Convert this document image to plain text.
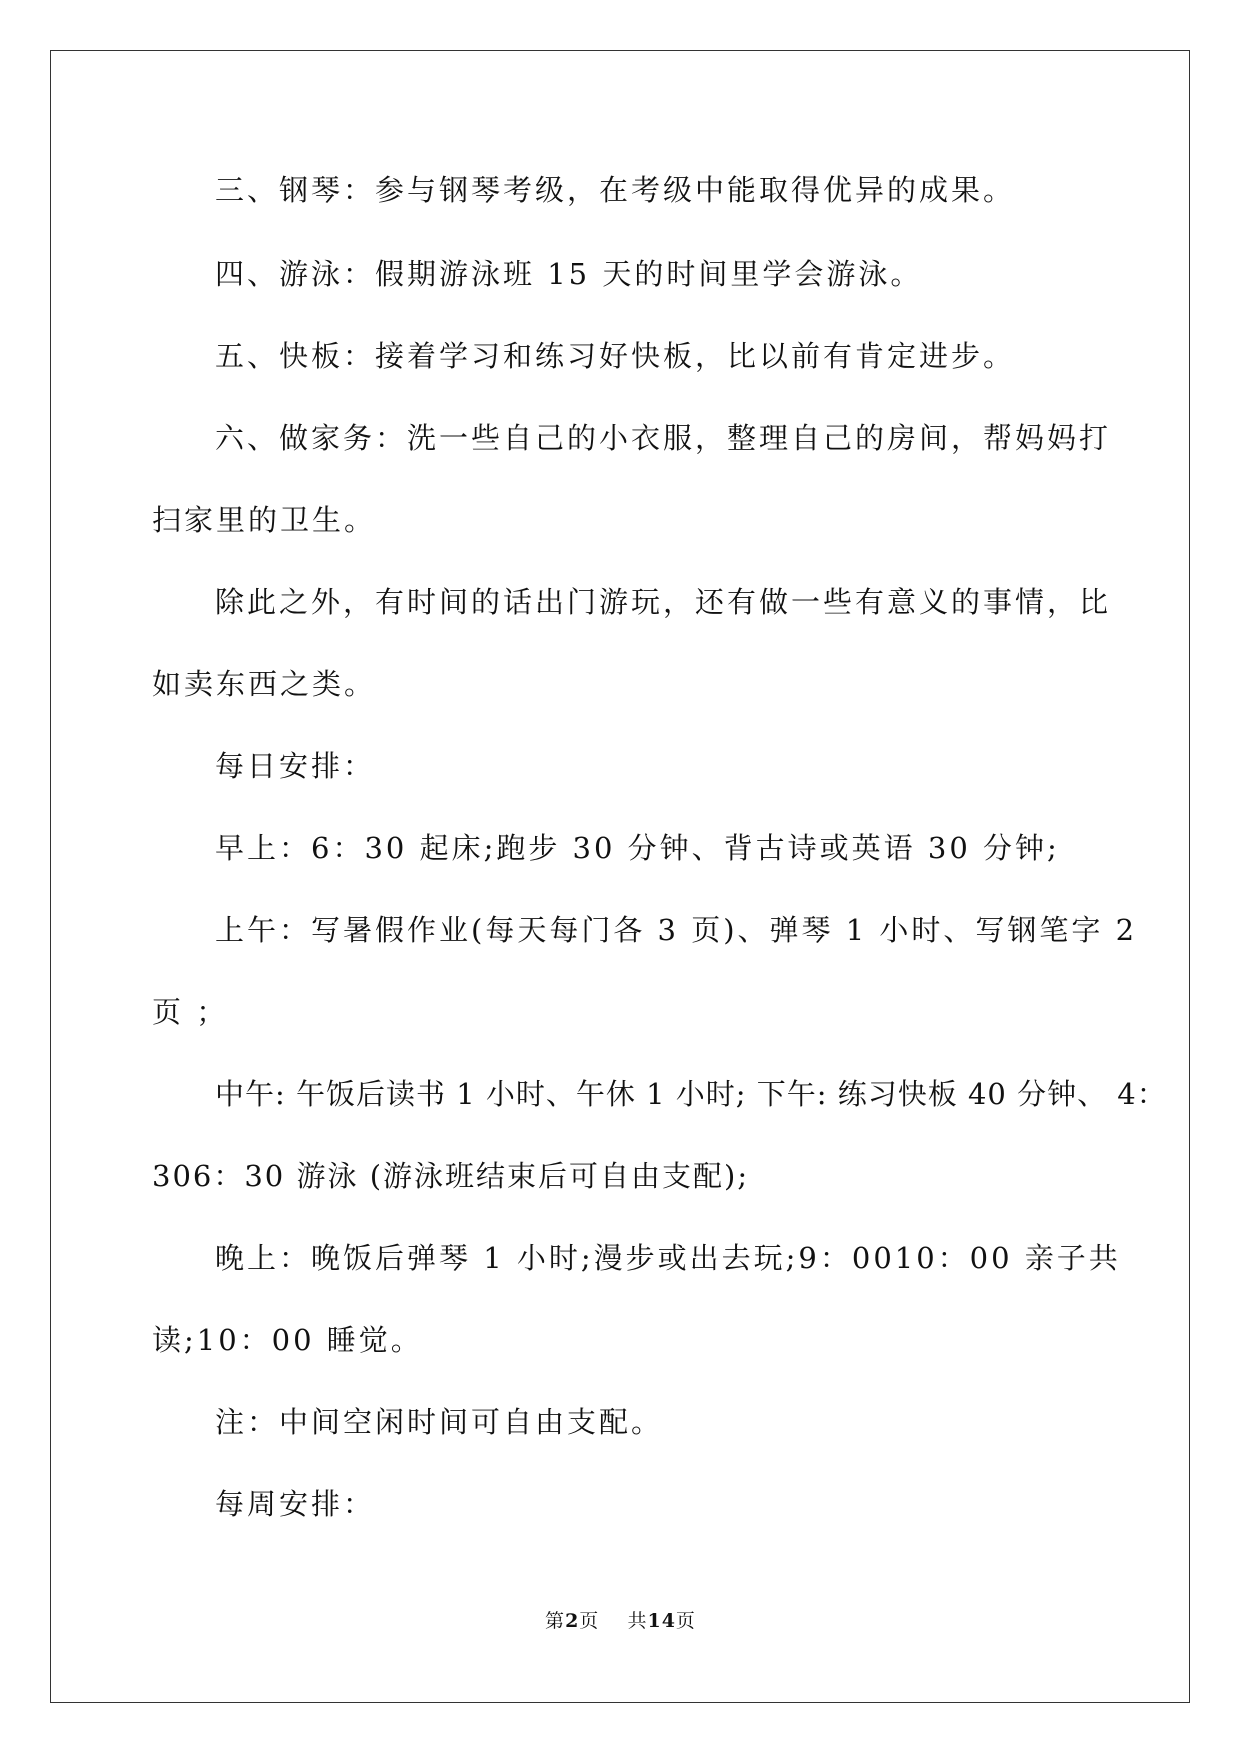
三、钢琴：参与钢琴考级，在考级中能取得优异的成果。
四、游泳：假期游泳班 15 天的时间里学会游泳。
五、快板：接着学习和练习好快板，比以前有肯定进步。
六、做家务：洗一些自己的小衣服，整理自己的房间，帮妈妈打
扫家里的卫生。
除此之外，有时间的话出门游玩，还有做一些有意义的事情，比
如卖东西之类。
每日安排：
早上：6：30 起床;跑步 30 分钟、背古诗或英语 30 分钟;
上午：写暑假作业(每天每门各 3 页)、弹琴 1 小时、写钢笔字 2
页 ；
中午: 午饭后读书 1 小时、午休 1 小时; 下午: 练习快板 40 分钟、 4：
306：30 游泳 (游泳班结束后可自由支配);
晚上：晚饭后弹琴 1 小时;漫步或出去玩;9：0010：00 亲子共
读;10：00 睡觉。
注：中间空闲时间可自由支配。
每周安排：
第2页    共14页
